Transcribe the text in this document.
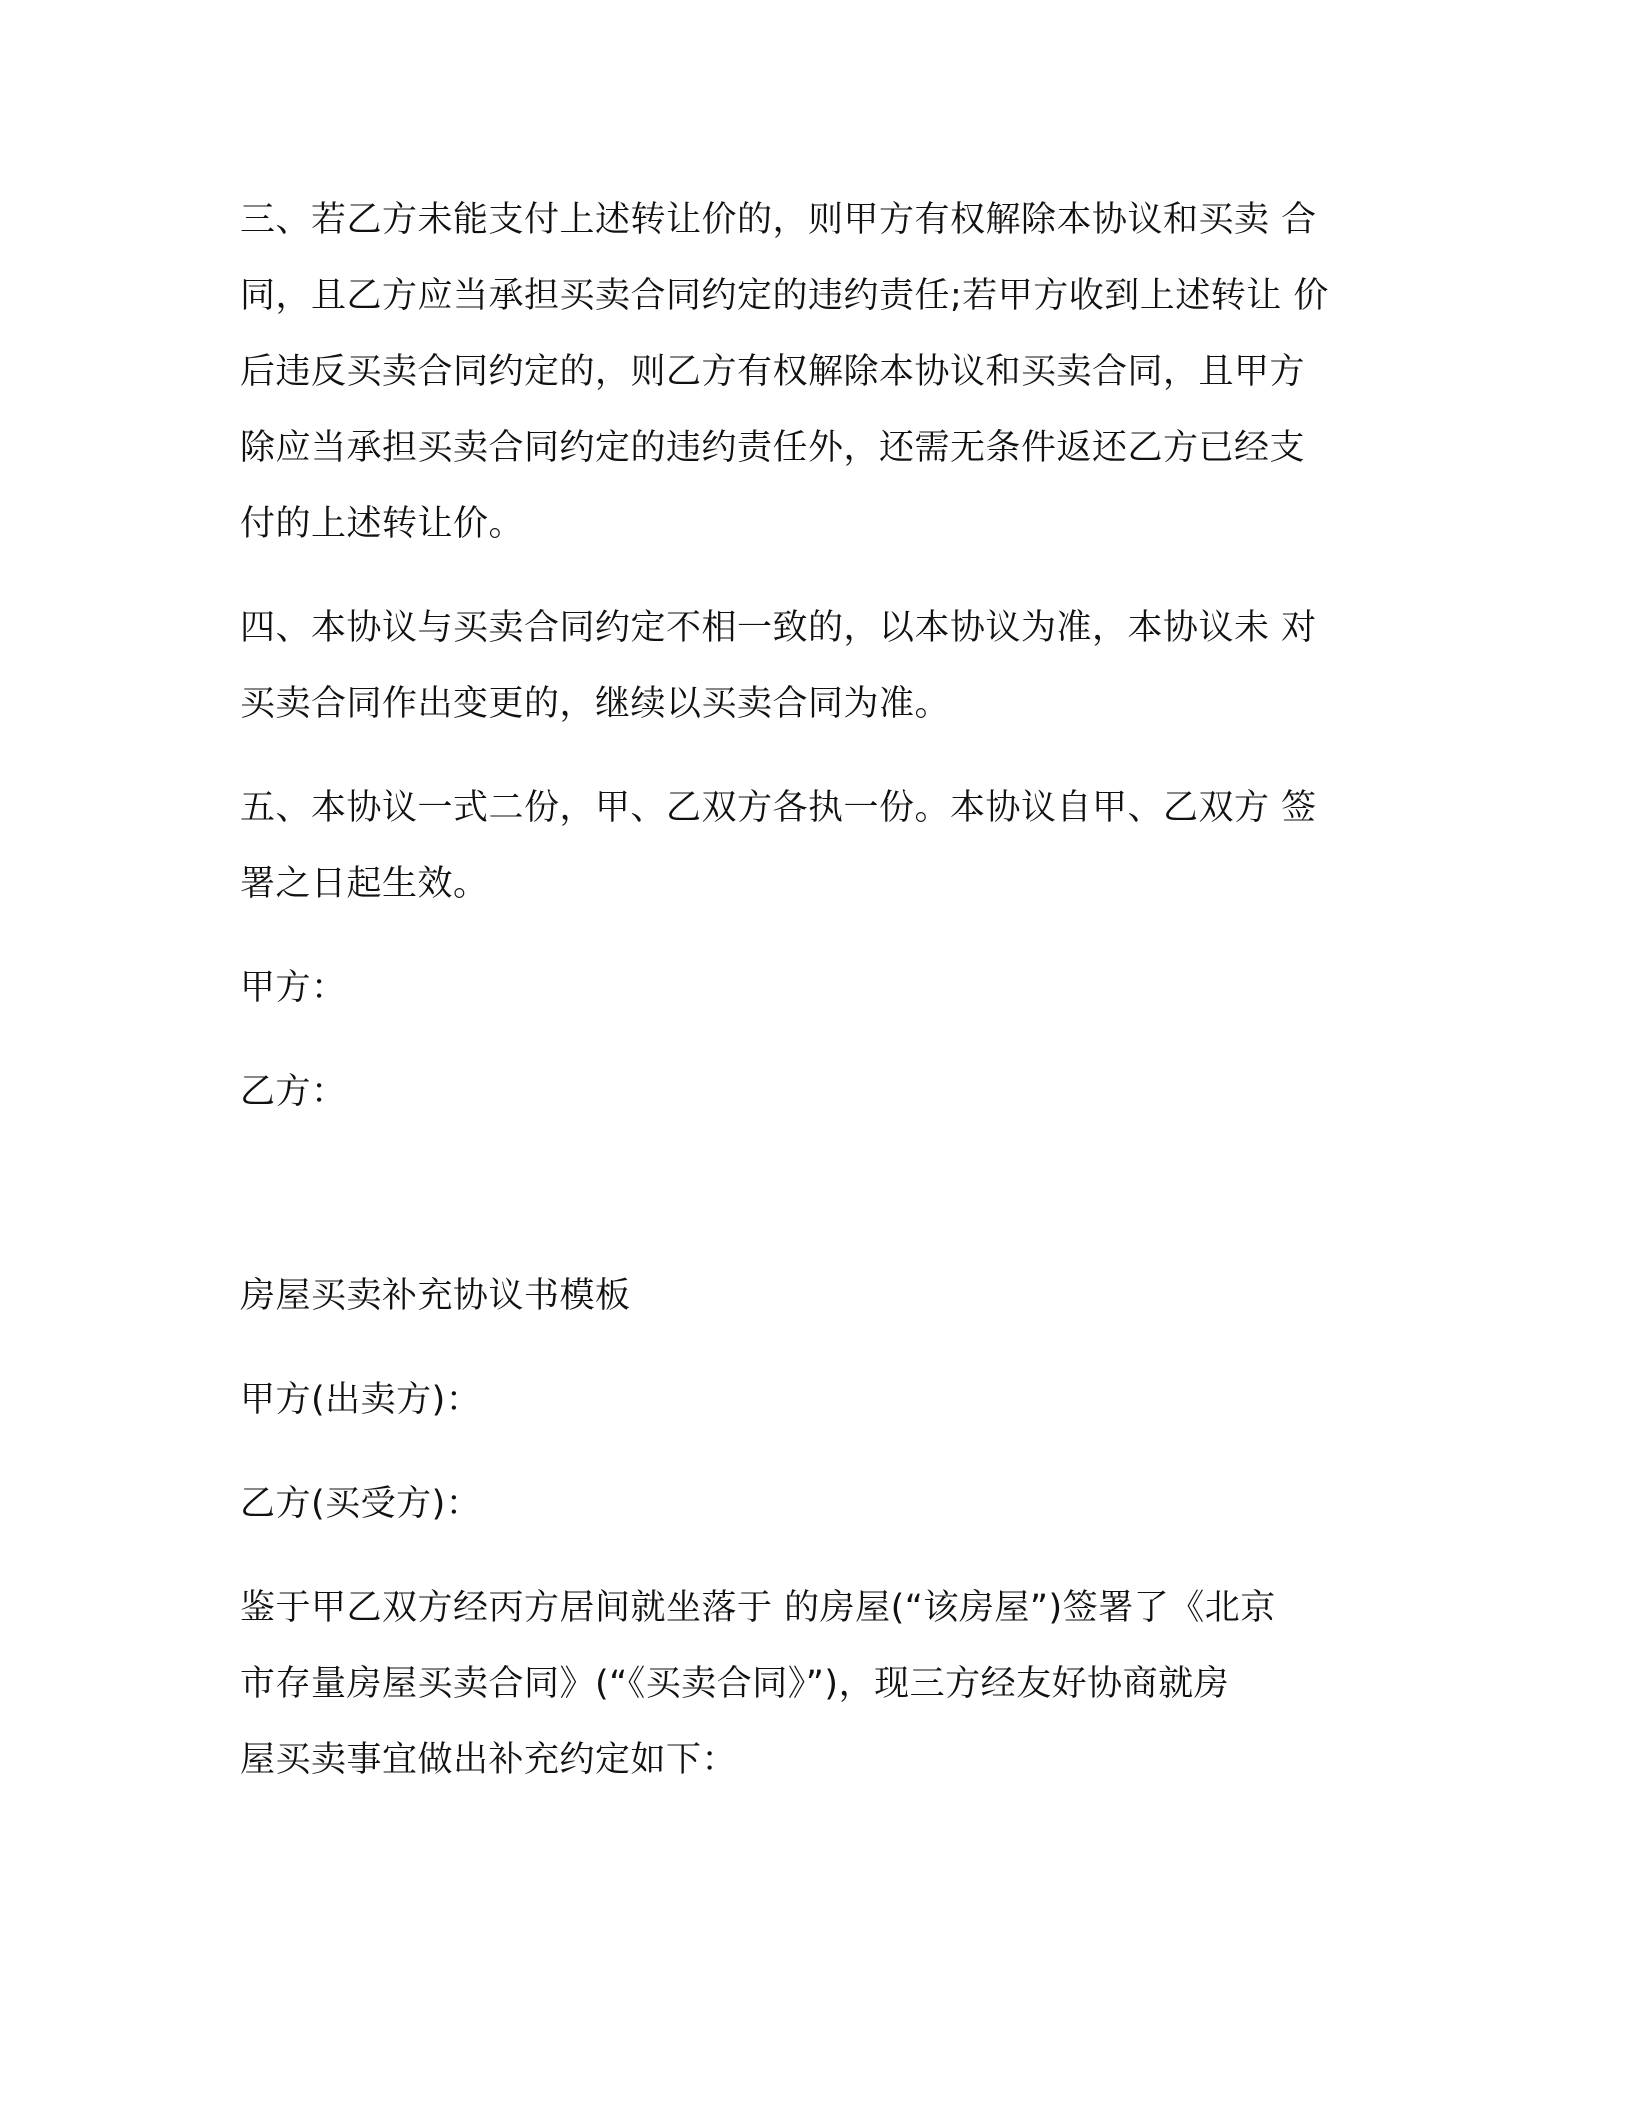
三、若乙方未能支付上述转让价的，则甲方有权解除本协议和买卖 合
同，且乙方应当承担买卖合同约定的违约责任;若甲方收到上述转让 价
后违反买卖合同约定的，则乙方有权解除本协议和买卖合同，且甲方
除应当承担买卖合同约定的违约责任外，还需无条件返还乙方已经支
付的上述转让价。
四、本协议与买卖合同约定不相一致的，以本协议为准，本协议未 对
买卖合同作出变更的，继续以买卖合同为准。
五、本协议一式二份，甲、乙双方各执一份。本协议自甲、乙双方 签
署之日起生效。
甲方：
乙方：
房屋买卖补充协议书模板
甲方(出卖方)：
乙方(买受方)：
鉴于甲乙双方经丙方居间就坐落于 的房屋(“该房屋”)签署了《北京
市存量房屋买卖合同》(“《买卖合同》”)，现三方经友好协商就房
屋买卖事宜做出补充约定如下：
